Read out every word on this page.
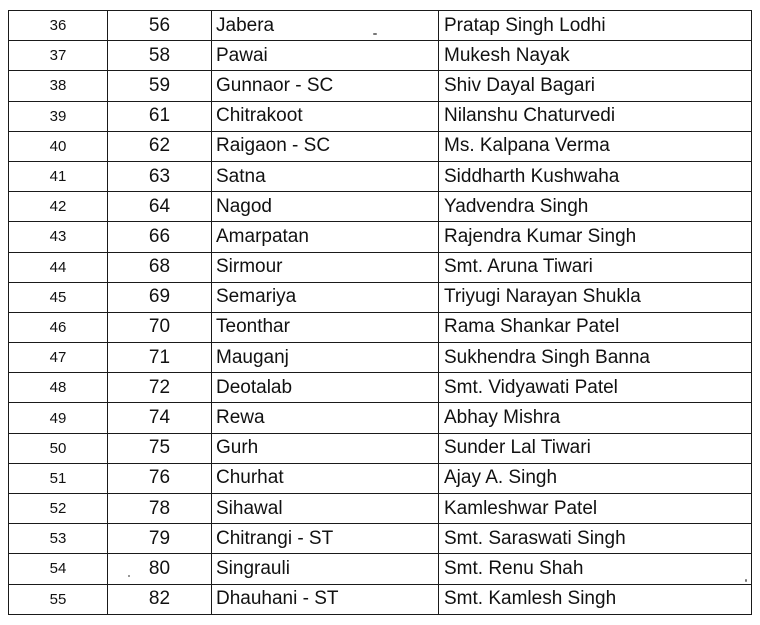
36	56	Jabera	Pratap Singh Lodhi
37	58	Pawai	Mukesh Nayak
38	59	Gunnaor - SC	Shiv Dayal Bagari
39	61	Chitrakoot	Nilanshu Chaturvedi
40	62	Raigaon - SC	Ms. Kalpana Verma
41	63	Satna	Siddharth Kushwaha
42	64	Nagod	Yadvendra Singh
43	66	Amarpatan	Rajendra Kumar Singh
44	68	Sirmour	Smt. Aruna Tiwari
45	69	Semariya	Triyugi Narayan Shukla
46	70	Teonthar	Rama Shankar Patel
47	71	Mauganj	Sukhendra Singh Banna
48	72	Deotalab	Smt. Vidyawati Patel
49	74	Rewa	Abhay Mishra
50	75	Gurh	Sunder Lal Tiwari
51	76	Churhat	Ajay A. Singh
52	78	Sihawal	Kamleshwar Patel
53	79	Chitrangi - ST	Smt. Saraswati Singh
54	80	Singrauli	Smt. Renu Shah
55	82	Dhauhani - ST	Smt. Kamlesh Singh
